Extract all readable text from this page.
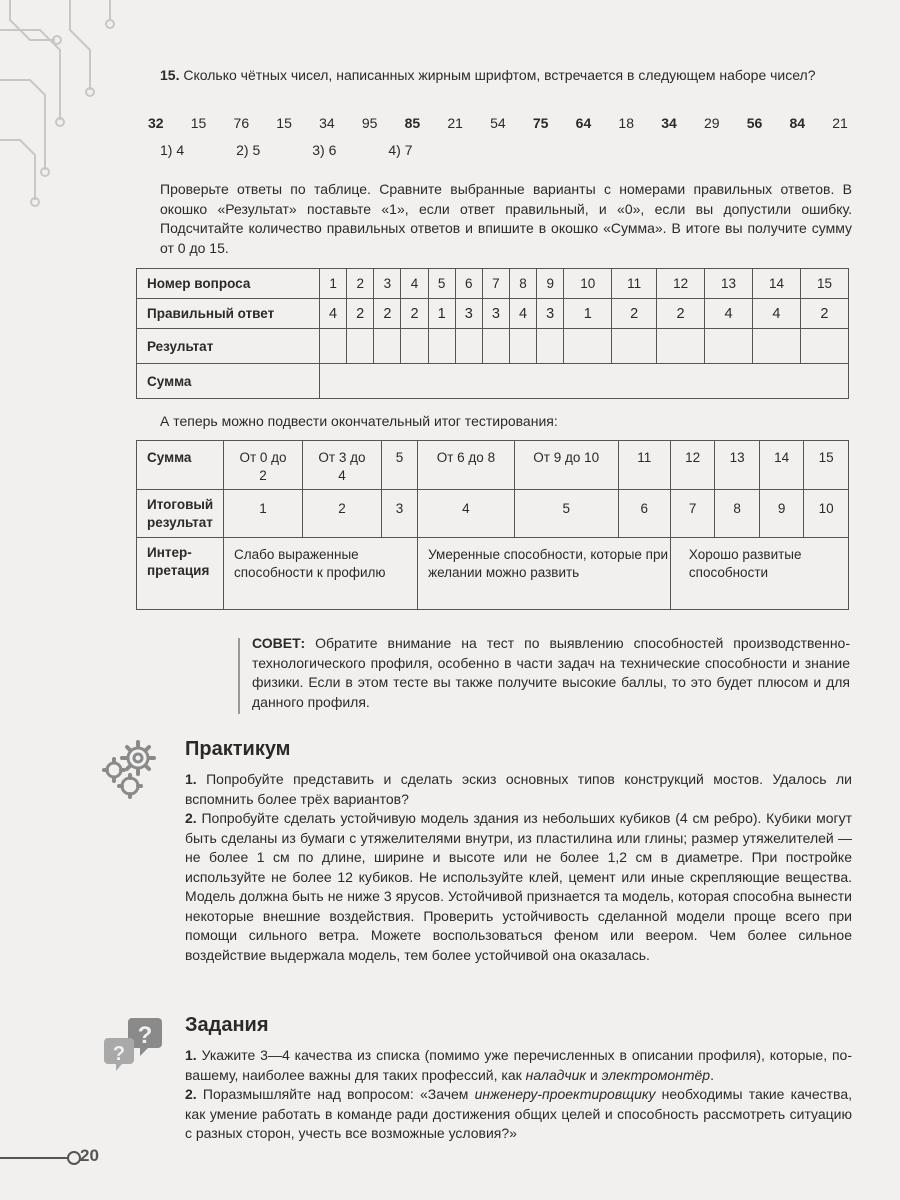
15. Сколько чётных чисел, написанных жирным шрифтом, встречается в следующем наборе чисел?
32 15 76 15 34 95 85 21 54 75 64 18 34 29 56 84 21
1) 4	2) 5	3) 6	4) 7
Проверьте ответы по таблице. Сравните выбранные варианты с номерами правильных ответов. В окошко «Результат» поставьте «1», если ответ правильный, и «0», если вы допустили ошибку. Подсчитайте количество правильных ответов и впишите в окошко «Сумма». В итоге вы получите сумму от 0 до 15.
Номер вопроса	1	2	3	4	5	6	7	8	9	10	11	12	13	14	15
Правильный ответ	4	2	2	2	1	3	3	4	3	1	2	2	4	4	2
Результат															
Сумма															
А теперь можно подвести окончательный итог тестирования:
Сумма	От 0 до 2	От 3 до 4	5	От 6 до 8	От 9 до 10	11	12	13	14	15
Итоговый результат	1	2	3	4	5	6	7	8	9	10
Интер-претация	Слабо выраженные способности к профилю			Умеренные способности, которые при желании можно развить			Хорошо развитые способности			
СОВЕТ: Обратите внимание на тест по выявлению способностей производственно-технологического профиля, особенно в части задач на технические способности и знание физики. Если в этом тесте вы также получите высокие баллы, то это будет плюсом и для данного профиля.
Практикум
1. Попробуйте представить и сделать эскиз основных типов конструкций мостов. Удалось ли вспомнить более трёх вариантов?
2. Попробуйте сделать устойчивую модель здания из небольших кубиков (4 см ребро). Кубики могут быть сделаны из бумаги с утяжелителями внутри, из пластилина или глины; размер утяжелителей — не более 1 см по длине, ширине и высоте или не более 1,2 см в диаметре. При постройке используйте не более 12 кубиков. Не используйте клей, цемент или иные скрепляющие вещества. Модель должна быть не ниже 3 ярусов. Устойчивой признается та модель, которая способна вынести некоторые внешние воздействия. Проверить устойчивость сделанной модели проще всего при помощи сильного ветра. Можете воспользоваться феном или веером. Чем более сильное воздействие выдержала модель, тем более устойчивой она оказалась.
?
?
Задания
1. Укажите 3—4 качества из списка (помимо уже перечисленных в описании профиля), которые, по-вашему, наиболее важны для таких профессий, как наладчик и электромонтёр.
2. Поразмышляйте над вопросом: «Зачем инженеру-проектировщику необходимы такие качества, как умение работать в команде ради достижения общих целей и способность рассмотреть ситуацию с разных сторон, учесть все возможные условия?»
20
